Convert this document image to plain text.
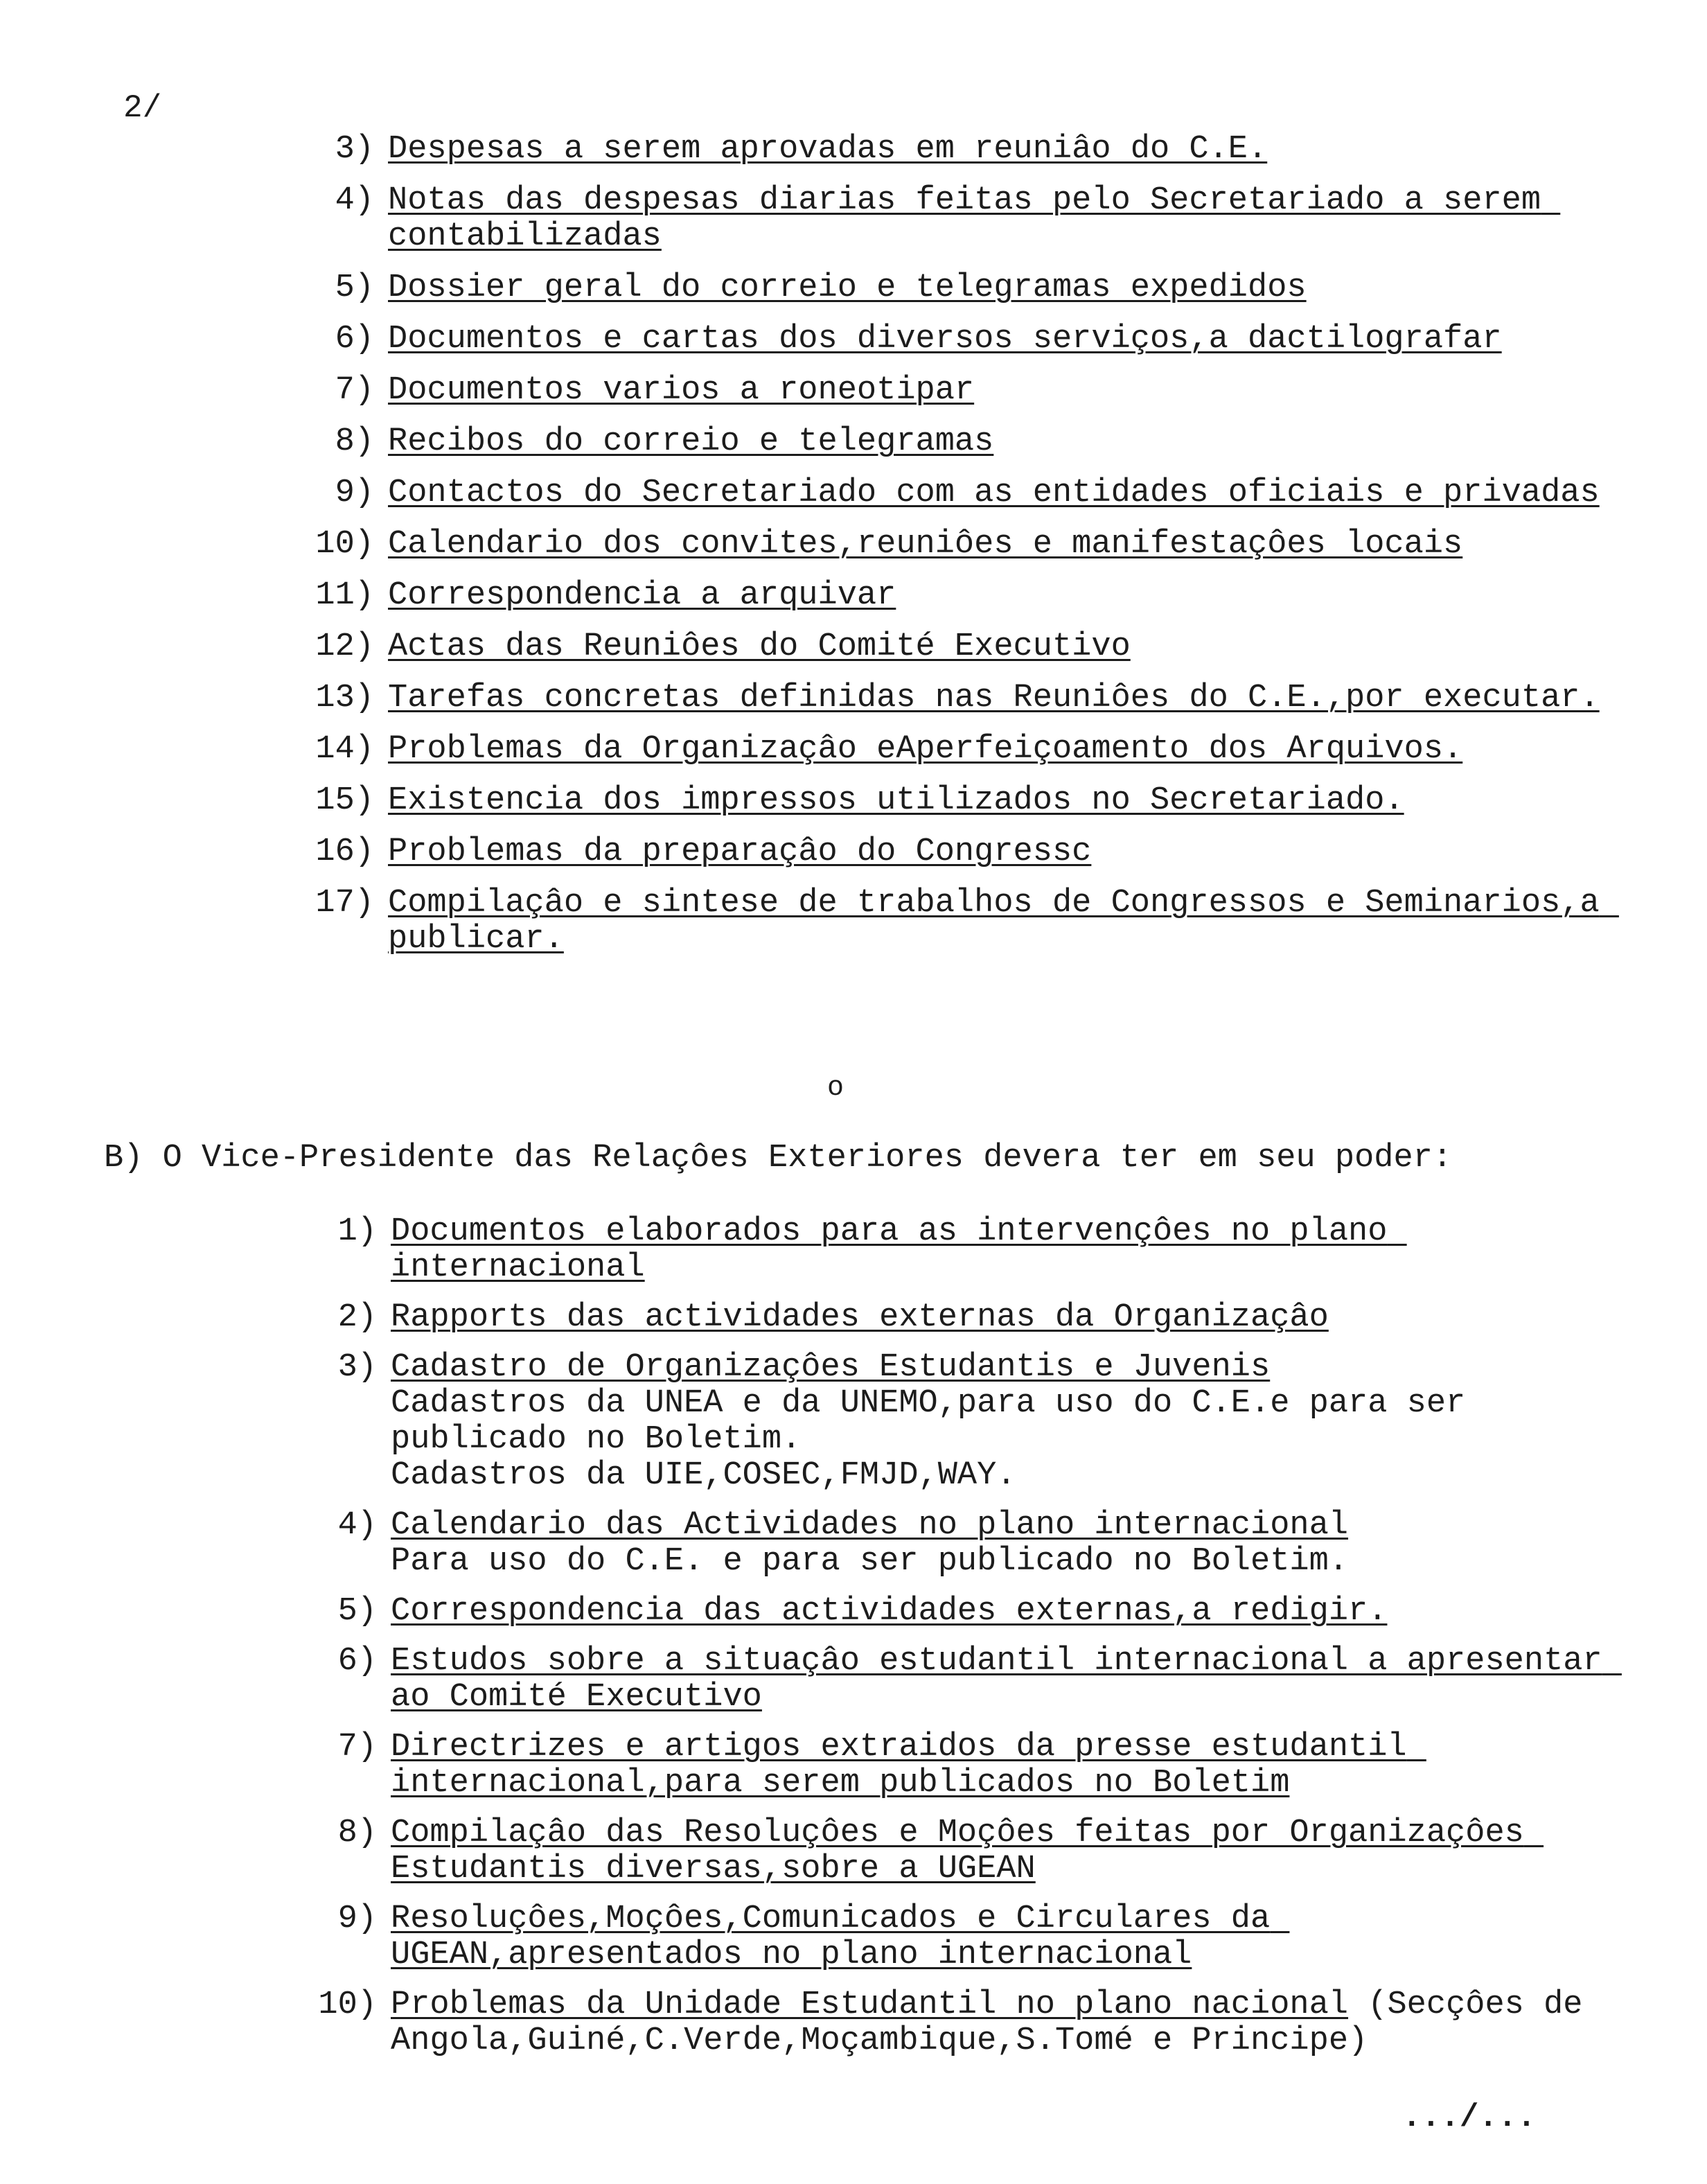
2/
3) Despesas a serem aprovadas em reuniâo do C.E.
4) Notas das despesas diarias feitas pelo Secretariado a serem contabilizadas
5) Dossier geral do correio e telegramas expedidos
6) Documentos e cartas dos diversos serviços,a dactilografar
7) Documentos varios a roneotipar
8) Recibos do correio e telegramas
9) Contactos do Secretariado com as entidades oficiais e privadas
10) Calendario dos convites,reuniôes e manifestaçôes locais
11) Correspondencia a arquivar
12) Actas das Reuniôes do Comité Executivo
13) Tarefas concretas definidas nas Reuniôes do C.E.,por executar.
14) Problemas da Organizaçâo eAperfeiçoamento dos Arquivos.
15) Existencia dos impressos utilizados no Secretariado.
16) Problemas da preparaçâo do Congressc
17) Compilaçâo e sintese de trabalhos de Congressos e Seminarios,a publicar.
o
B) O Vice-Presidente das Relaçôes Exteriores devera ter em seu poder:
1) Documentos elaborados para as intervençôes no plano internacional
2) Rapports das actividades externas da Organizaçâo
3) Cadastro de Organizaçôes Estudantis e Juvenis
Cadastros da UNEA e da UNEMO,para uso do C.E.e para ser publicado no Boletim.
Cadastros da UIE,COSEC,FMJD,WAY.
4) Calendario das Actividades no plano internacional
Para uso do C.E. e para ser publicado no Boletim.
5) Correspondencia das actividades externas,a redigir.
6) Estudos sobre a situaçâo estudantil internacional a apresentar ao Comité Executivo
7) Directrizes e artigos extraidos da presse estudantil internacional,para serem publicados no Boletim
8) Compilaçâo das Resoluçôes e Moçôes feitas por Organizaçôes Estudantis diversas,sobre a UGEAN
9) Resoluçôes,Moçôes,Comunicados e Circulares da UGEAN,apresentados no plano internacional
10) Problemas da Unidade Estudantil no plano nacional (Secçôes de Angola,Guiné,C.Verde,Moçambique,S.Tomé e Principe)
.../...
